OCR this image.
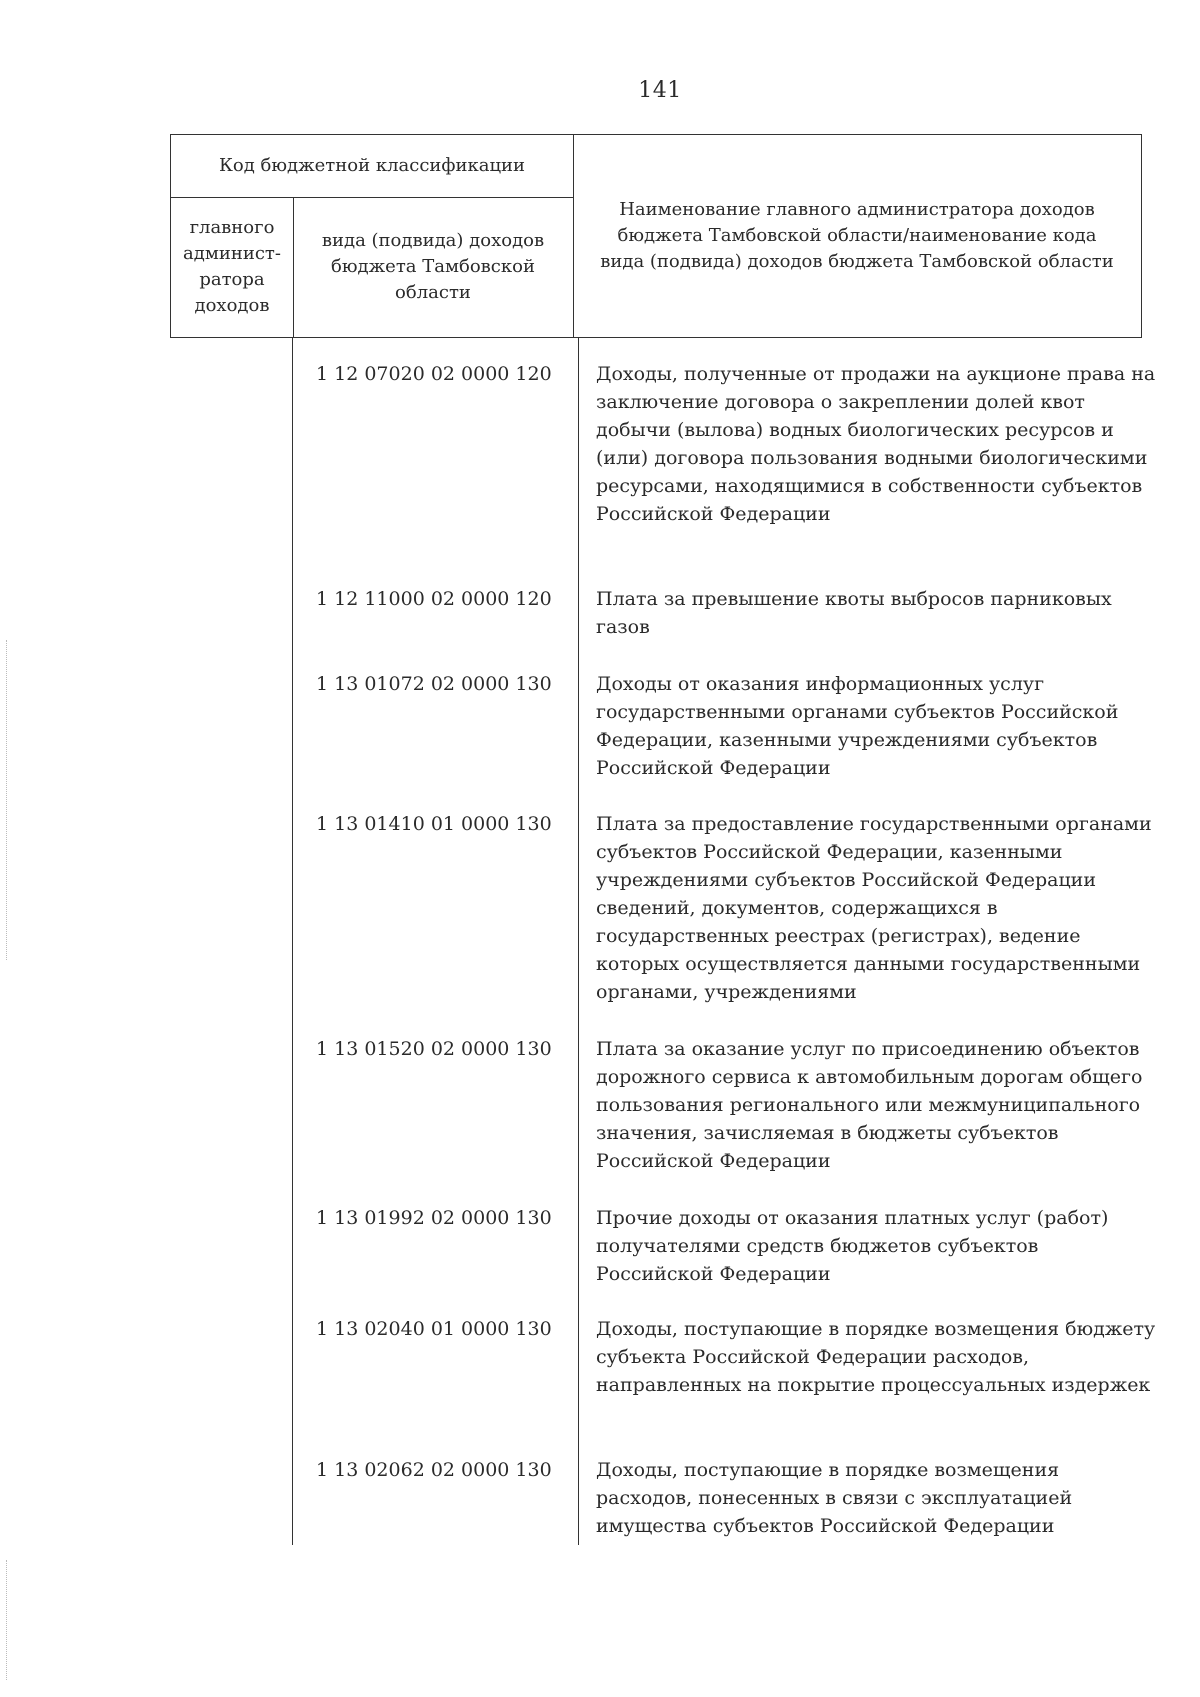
141
Код бюджетной классификации
главного админист-ратора доходов
вида (подвида) доходов бюджета Тамбовской области
Наименование главного администратора доходов бюджета Тамбовской области/наименование кода вида (подвида) доходов бюджета Тамбовской области
1 12 07020 02 0000 120	Доходы, полученные от продажи на аукционе права на заключение договора о закреплении долей квот добычи (вылова) водных биологических ресурсов и (или) договора пользования водными биологическими ресурсами, находящимися в собственности субъектов Российской Федерации
1 12 11000 02 0000 120	Плата за превышение квоты выбросов парниковых газов
1 13 01072 02 0000 130	Доходы от оказания информационных услуг государственными органами субъектов Российской Федерации, казенными учреждениями субъектов Российской Федерации
1 13 01410 01 0000 130	Плата за предоставление государственными органами субъектов Российской Федерации, казенными учреждениями субъектов Российской Федерации сведений, документов, содержащихся в государственных реестрах (регистрах), ведение которых осуществляется данными государственными органами, учреждениями
1 13 01520 02 0000 130	Плата за оказание услуг по присоединению объектов дорожного сервиса к автомобильным дорогам общего пользования регионального или межмуниципального значения, зачисляемая в бюджеты субъектов Российской Федерации
1 13 01992 02 0000 130	Прочие доходы от оказания платных услуг (работ) получателями средств бюджетов субъектов Российской Федерации
1 13 02040 01 0000 130	Доходы, поступающие в порядке возмещения бюджету субъекта Российской Федерации расходов, направленных на покрытие процессуальных издержек
1 13 02062 02 0000 130	Доходы, поступающие в порядке возмещения расходов, понесенных в связи с эксплуатацией имущества субъектов Российской Федерации
